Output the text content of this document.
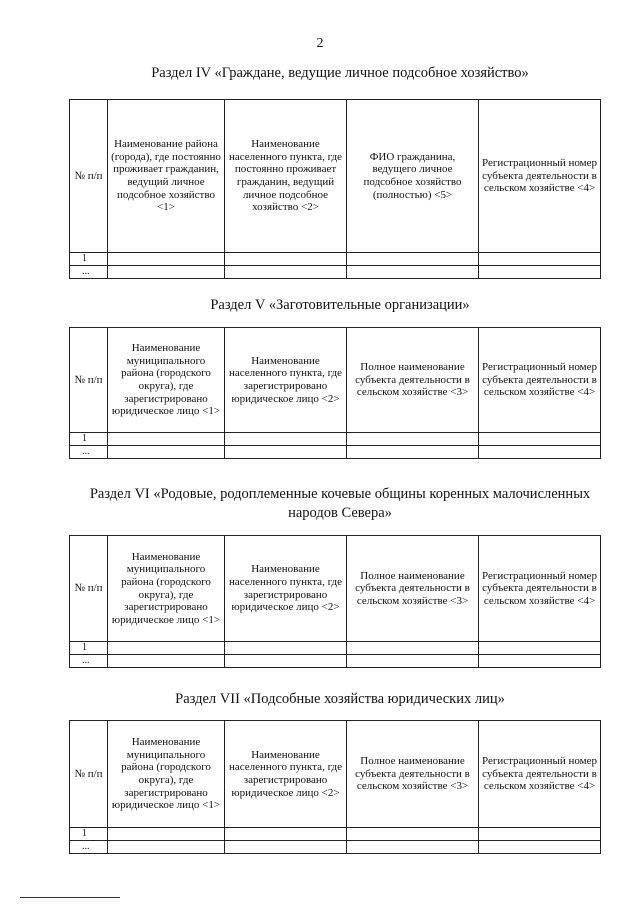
2
Раздел IV «Граждане, ведущие личное подсобное хозяйство»
№ п/п	Наименование района (города), где постоянно проживает гражданин, ведущий личное подсобное хозяйство <1>	Наименование населенного пункта, где постоянно проживает гражданин, ведущий личное подсобное хозяйство <2>	ФИО гражданина, ведущего личное подсобное хозяйство (полностью) <5>	Регистрационный номер субъекта деятельности в сельском хозяйстве <4>
1				
...				
Раздел V «Заготовительные организации»
№ п/п	Наименование муниципального района (городского округа), где зарегистрировано юридическое лицо <1>	Наименование населенного пункта, где зарегистрировано юридическое лицо <2>	Полное наименование субъекта деятельности в сельском хозяйстве <3>	Регистрационный номер субъекта деятельности в сельском хозяйстве <4>
1				
...				
Раздел VI «Родовые, родоплеменные кочевые общины коренных малочисленных народов Севера»
№ п/п	Наименование муниципального района (городского округа), где зарегистрировано юридическое лицо <1>	Наименование населенного пункта, где зарегистрировано юридическое лицо <2>	Полное наименование субъекта деятельности в сельском хозяйстве <3>	Регистрационный номер субъекта деятельности в сельском хозяйстве <4>
1				
...				
Раздел VII «Подсобные хозяйства юридических лиц»
№ п/п	Наименование муниципального района (городского округа), где зарегистрировано юридическое лицо <1>	Наименование населенного пункта, где зарегистрировано юридическое лицо <2>	Полное наименование субъекта деятельности в сельском хозяйстве <3>	Регистрационный номер субъекта деятельности в сельском хозяйстве <4>
1				
...				
